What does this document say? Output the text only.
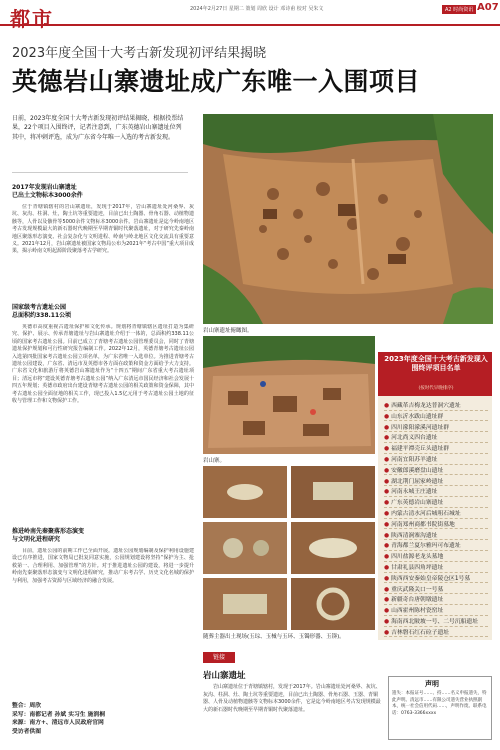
都市	2024年2月27日 星期二 策划 周欣 设计 邓诗甫 校对 吴朱文	A2 时尚资讯 A07
2023年度全国十大考古新发现初评结果揭晓
英德岩山寨遗址成广东唯一入围项目
日前，2023年度全国十大考古新发现初评结果揭晓，根据投票结果，22个项目入围终评，记者注意到，广东英德岩山寨遗址位列其中，将冲刺评选，成为广东省今年唯一入选的考古新发现。
2017年发现岩山寨遗址
已出土文物标本3000余件
位于青塘镇辖村的岩山寨遗址，发现于2017年，岩山寨遗址处河桑界、灰坑、灰沟、柱洞、灶，陶土坑等重要遗迹，目前已出土陶器、骨角石器、动植物遗骸等，人骨以及骸骨等5000余件文物标本3000余件。岩山寨遗址是迄今岭南地区考古发现规模最大的新石器时代晚期至早期青铜时代聚落遗址，对于研究先秦岭南地区聚落形态演变、社会复杂化与文明进程、岭南与岭北地区文化交流具有重要意义。2021年12月，岩山寨遗址被国家文物局公布为2021年“考古中国”重大项目成果，揭示岭南文明起源阶段聚落考古学研究。
国家级考古遗址公园
总面积约338.11公顷
英德市高度重视古遗址保护和文化传承。规划将青塘镇辖区遗址打造为集研究、保护、展示、传承青塘遗址与岩山寨遗址介绍于一体的，总面积约338.11公顷的国家考古遗址公园。目前已成立了青塘考古遗址公园管理委员会，同时了青塘遗址保护规划和可行性研究报告编制工作。2022年12月，英德青塘考古遗址公园入选第四批国家考古遗址公园立项名单，为广东省唯一入选单位。为推进青塘考古遗址公园建设，广东省、清远市及英德市各方面在政策和资金方面给予大力支持。广东省文化和旅游厅将英德岩山寨遗址作为“十四五”期间广东省重大考古遗址项目；清远市将“建设英德青塘考古遗址公园”纳入广东清远市国民经济和社会发展十四五年规划；英德市政府出台建设青塘考古遗址公园的相关政策和资金保障，其中考古遗址公园全面征地的相关工作，现已投入1.5亿元用于考古遗址公园土地的征收与管理工作和文物保护工作。
推进岭南先秦聚落形态演变
与文明化进程研究
目前，遗址公园的前期工作已全面开展。遗址公园规划编制及保护利用设施建设已有序推进，国家文物局已批复同意实施，公园规划建设将坚持“保护为主、抢救第一、合理利用、加强管理”的方针。对于推进遗址公园的建设，将进一步提升岭南先秦聚落形态演变与文明化进程研究，推动广东考古学、历史文化名城的保护与利用，加强考古资源与区域经济的融合发展。
整合：周欣
采写：南都记者 孙斌 实习生 施润桐
来源：南方+、清远市人民政府官网
受访者供图
岩山寨遗址俯瞰图。
岩山寨。
随葬主器出土现场(玉琮、玉械与玉环、玉镯形器、玉锛)。
2023年度全国十大考古新发现入围终评项目名单
(按时代早晚排序)
● 西藏革吉梅龙达普洞穴遗址
● 山东沂水跋山遗址群
● 四川濛阳濛溪河遗址群
● 河北尚义四台遗址
● 福建平潭壳丘头遗址群
● 河南宜阳苏羊遗址
● 安徽郎溪磨盘山遗址
● 湖北荆门屈家岭遗址
● 河南永城王庄遗址
● 广东英德岩山寨遗址
● 内蒙古清水河后城咀石城址
● 河南郑州商都书院街墓地
● 陕西清涧寨沟遗址
● 青海都兰夏尔雅玛可布遗址
● 四川盐源老龙头墓地
● 甘肃礼县四角坪遗址
● 陕西西安秦始皇帝陵仓区1号墓
● 重庆武隆关口一号墓
● 新疆奇台唐朝墩遗址
● 山西霍州陈村瓷窑址
● 海南西北陂坡一号、二号沉船遗址
● 吉林磐石红石砬子遗址
链接
岩山寨遗址
岩山寨遗址位于青塘镇辖村，发现于2017年。岩山寨遗址处河桑界、灰坑、灰沟、柱洞、灶、陶土坑等重要遗迹，目前已出土陶器、骨角石器、玉器、青铜器、人骨及动植物遗骸等文物标本3000余件，它是迄今岭南地区考古发现规模最大的新石器时代晚期至早期青铜时代聚落遗址。
声明
遗失：本报证号……、持……名义申报遗失，特此声明。清远市……有限公司遗失营业执照副本，统一社会信用代码……，声明作废。联系电话：0763-3366xxxx
